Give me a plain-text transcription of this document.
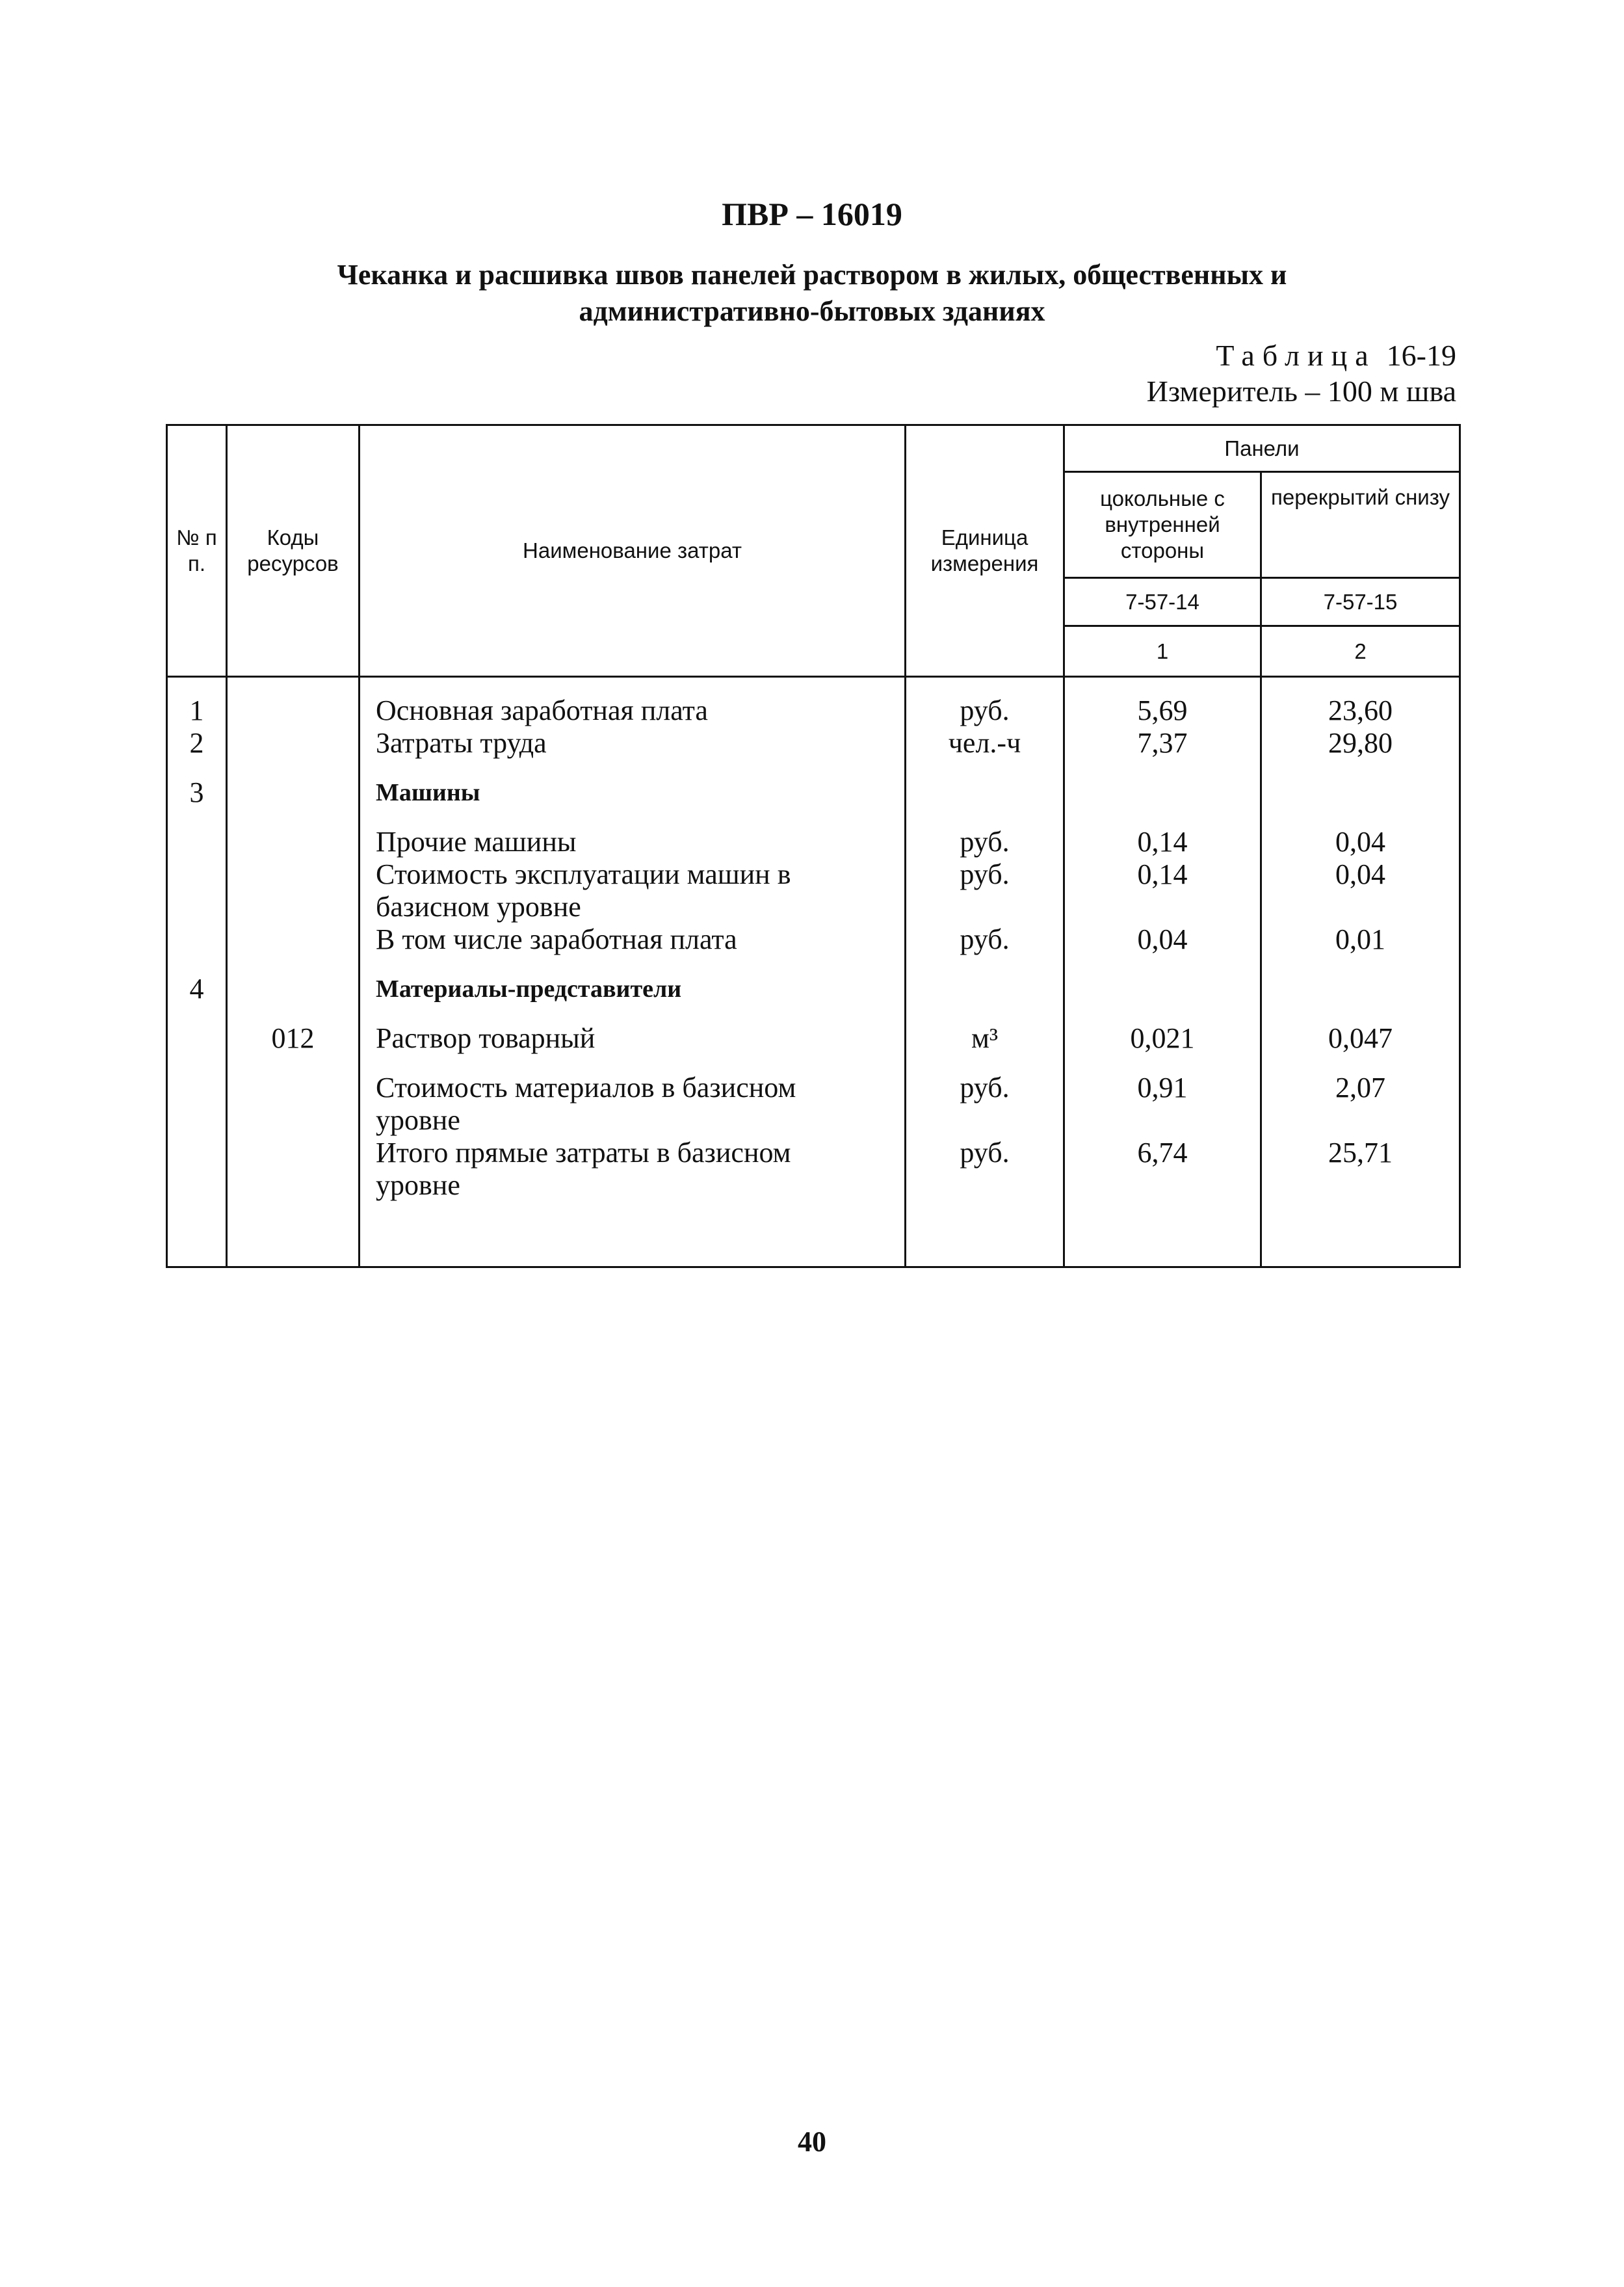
ПВР – 16019
Чеканка и расшивка швов панелей раствором в жилых, общественных и административно-бытовых зданиях
Таблица 16-19
Измеритель – 100 м шва
№ п п.	Коды ресурсов	Наименование затрат	Единица измерения	Панели	
				цокольные с внутренней стороны	перекрытий снизу
				7-57-14	7-57-15
				1	2

1		Основная заработная плата	руб.	5,69	23,60
2		Затраты труда	чел.-ч	7,37	29,80

3		Машины			

		Прочие машины	руб.	0,14	0,04
		Стоимость эксплуатации машин в базисном уровне	руб.	0,14	0,04
		В том числе заработная плата	руб.	0,04	0,01

4		Материалы-представители			

	012	Раствор товарный	м³	0,021	0,047

		Стоимость материалов в базисном уровне	руб.	0,91	2,07
		Итого прямые затраты в базисном уровне	руб.	6,74	25,71

40
